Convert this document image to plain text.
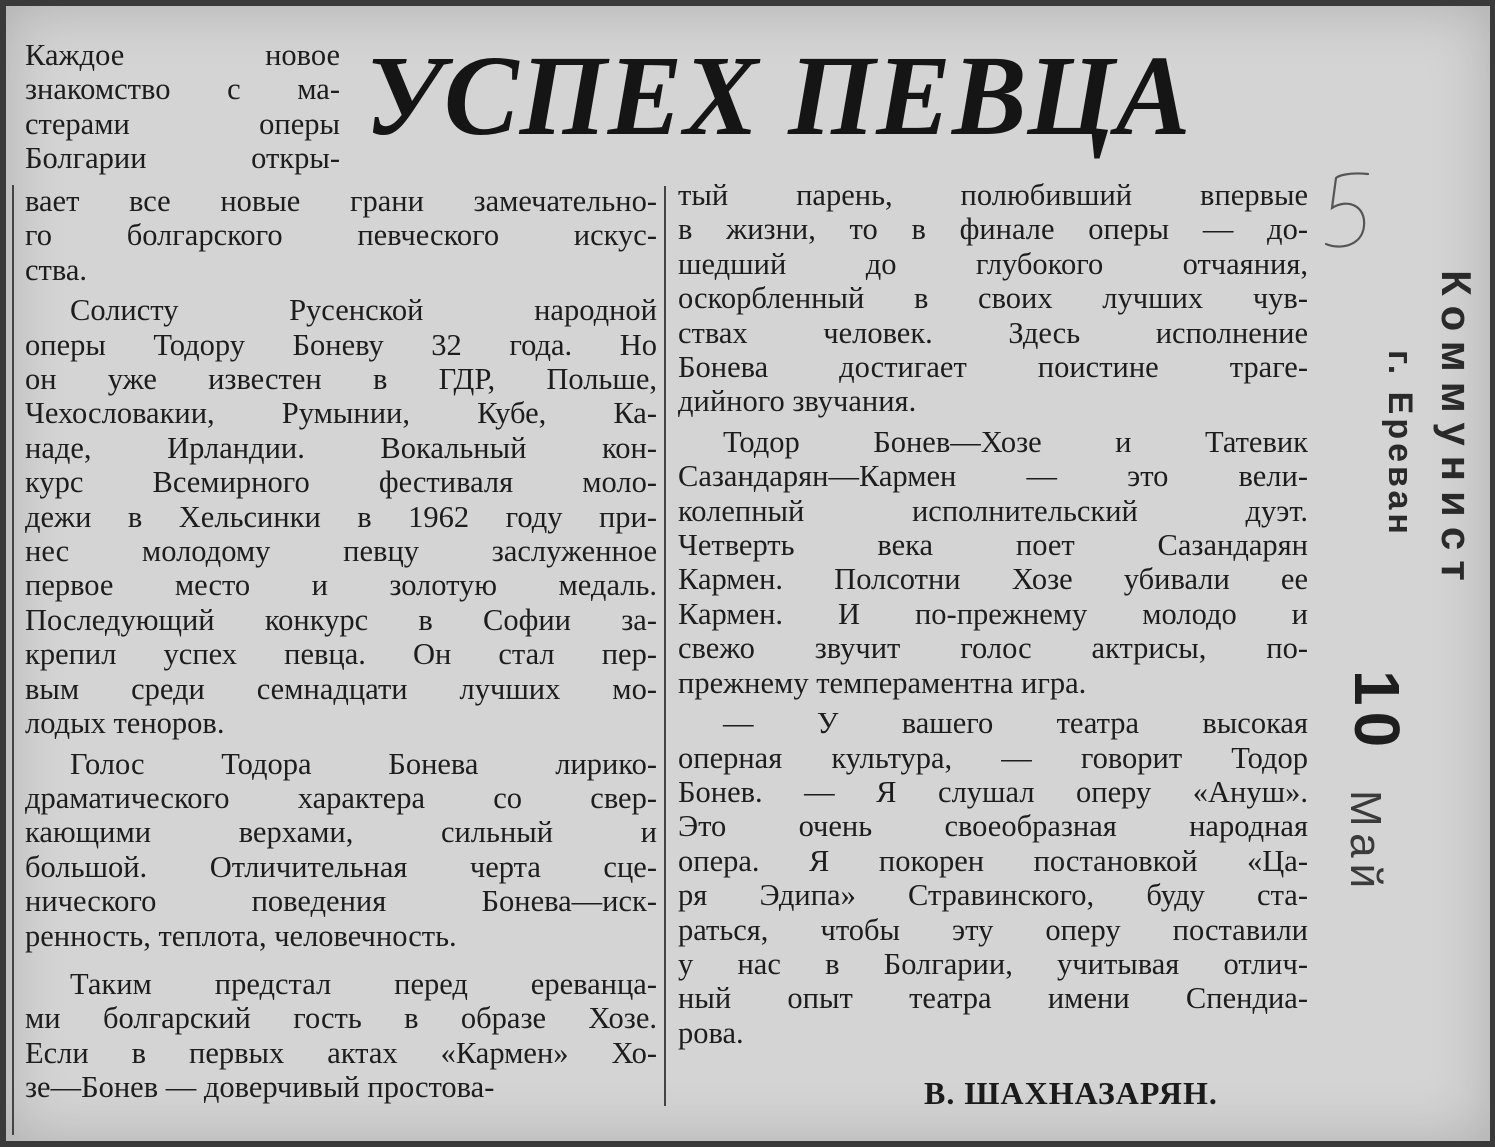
Каждое новое
знакомство с ма-
стерами оперы
Болгарии откры- УСПЕХ ПЕВЦА
вает все новые грани замечательно-
го болгарского певческого искус-
ства.
Солисту Русенской народной
оперы Тодору Боневу 32 года. Но
он уже известен в ГДР, Польше,
Чехословакии, Румынии, Кубе, Ка-
наде, Ирландии. Вокальный кон-
курс Всемирного фестиваля моло-
дежи в Хельсинки в 1962 году при-
нес молодому певцу заслуженное
первое место и золотую медаль.
Последующий конкурс в Софии за-
крепил успех певца. Он стал пер-
вым среди семнадцати лучших мо-
лодых теноров.
Голос Тодора Бонева лирико-
драматического характера со свер-
кающими верхами, сильный и
большой. Отличительная черта сце-
нического поведения Бонева—иск-
ренность, теплота, человечность.
Таким предстал перед ереванца-
ми болгарский гость в образе Хозе.
Если в первых актах «Кармен» Хо-
зе—Бонев — доверчивый простова-
тый парень, полюбивший впервые
в жизни, то в финале оперы — до-
шедший до глубокого отчаяния,
оскорбленный в своих лучших чув-
ствах человек. Здесь исполнение
Бонева достигает поистине траге-
дийного звучания.
Тодор Бонев—Хозе и Татевик
Сазандарян—Кармен — это вели-
колепный исполнительский дуэт.
Четверть века поет Сазандарян
Кармен. Полсотни Хозе убивали ее
Кармен. И по-прежнему молодо и
свежо звучит голос актрисы, по-
прежнему темпераментна игра.
— У вашего театра высокая
оперная культура, — говорит Тодор
Бонев. — Я слушал оперу «Ануш».
Это очень своеобразная народная
опера. Я покорен постановкой «Ца-
ря Эдипа» Стравинского, буду ста-
раться, чтобы эту оперу поставили
у нас в Болгарии, учитывая отлич-
ный опыт театра имени Спендиа-
рова.
В. ШАХНАЗАРЯН.
Коммунист
г. Ереван
10
Май
